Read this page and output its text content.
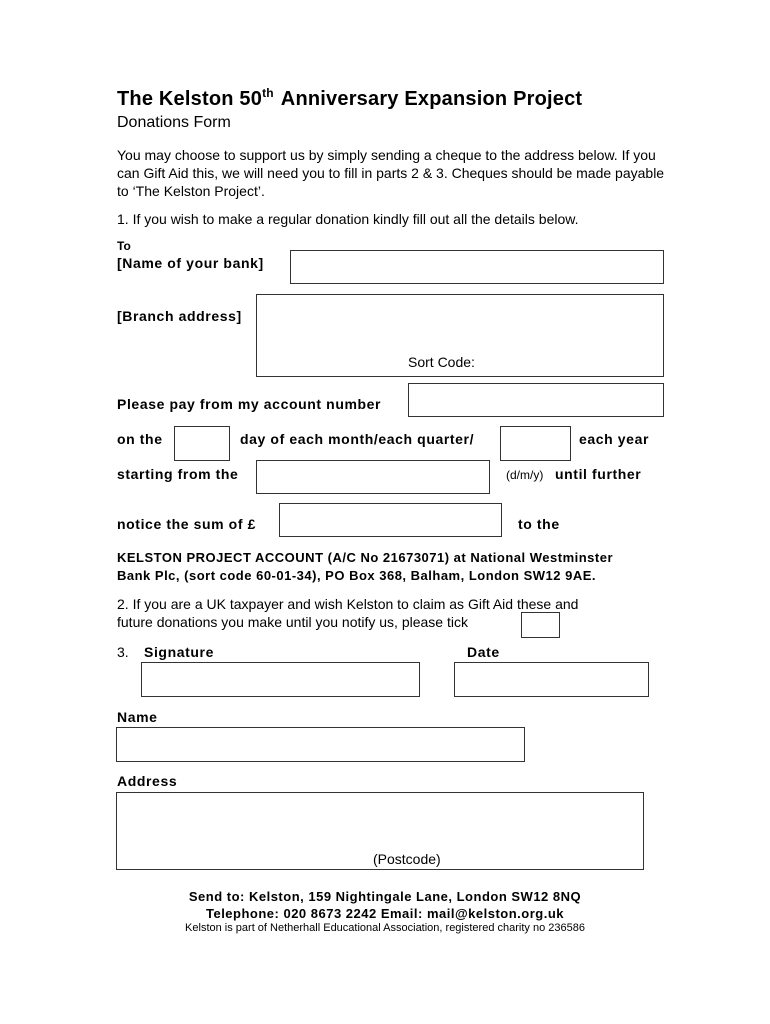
The Kelston 50th Anniversary Expansion Project
Donations Form
You may choose to support us by simply sending a cheque to the address below. If you can Gift Aid this, we will need you to fill in parts 2 & 3. Cheques should be made payable to ‘The Kelston Project’.
1. If you wish to make a regular donation kindly fill out all the details below.
To
[Name of your bank]
[Branch address]
Sort Code:
Please pay from my account number
on the	day of each month/each quarter/	each year
starting from the	(d/m/y) until further
notice the sum of £	to the
KELSTON PROJECT ACCOUNT (A/C No 21673071) at National Westminster
Bank Plc, (sort code 60-01-34), PO Box 368, Balham, London SW12 9AE.
2. If you are a UK taxpayer and wish Kelston to claim as Gift Aid these and
future donations you make until you notify us, please tick
3. Signature	Date
Name
Address
(Postcode)
Send to: Kelston, 159 Nightingale Lane, London SW12 8NQ
Telephone: 020 8673 2242 Email: mail@kelston.org.uk
Kelston is part of Netherhall Educational Association, registered charity no 236586
